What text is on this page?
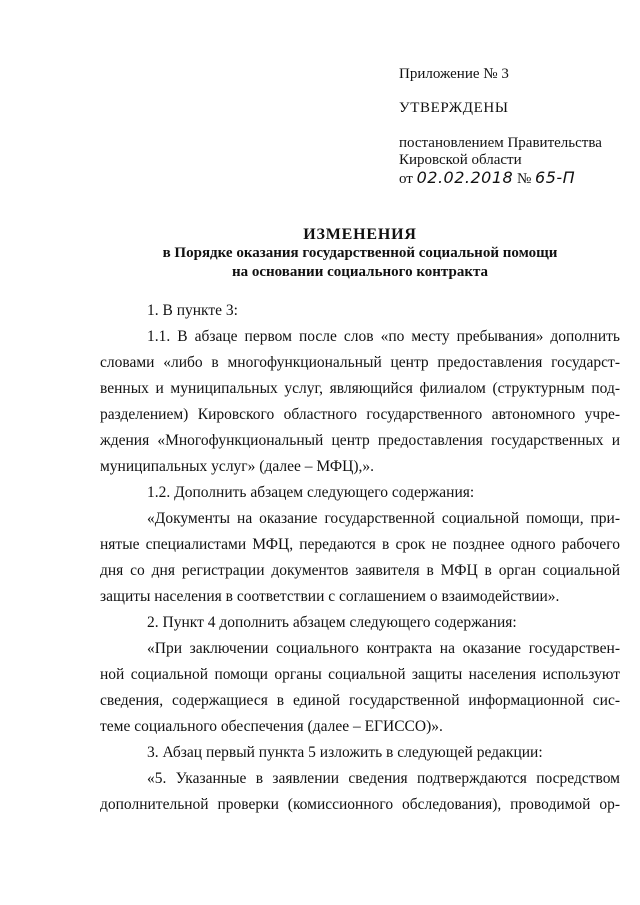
Приложение № 3
УТВЕРЖДЕНЫ
постановлением Правительства
Кировской области
от 02.02.2018 № 65-П
ИЗМЕНЕНИЯ
в Порядке оказания государственной социальной помощи
на основании социального контракта

1. В пункте 3:

1.1. В абзаце первом после слов «по месту пребывания» дополнить

словами «либо в многофункциональный центр предоставления государст-

венных и муниципальных услуг, являющийся филиалом (структурным под-

разделением) Кировского областного государственного автономного учре-

ждения «Многофункциональный центр предоставления государственных и

муниципальных услуг» (далее – МФЦ),».

1.2. Дополнить абзацем следующего содержания:

«Документы на оказание государственной социальной помощи, при-

нятые специалистами МФЦ, передаются в срок не позднее одного рабочего

дня со дня регистрации документов заявителя в МФЦ в орган социальной

защиты населения в соответствии с соглашением о взаимодействии».

2. Пункт 4 дополнить абзацем следующего содержания:

«При заключении социального контракта на оказание государствен-

ной социальной помощи органы социальной защиты населения используют

сведения, содержащиеся в единой государственной информационной сис-

теме социального обеспечения (далее – ЕГИССО)».

3. Абзац первый пункта 5 изложить в следующей редакции:

«5. Указанные в заявлении сведения подтверждаются посредством

дополнительной проверки (комиссионного обследования), проводимой ор-
